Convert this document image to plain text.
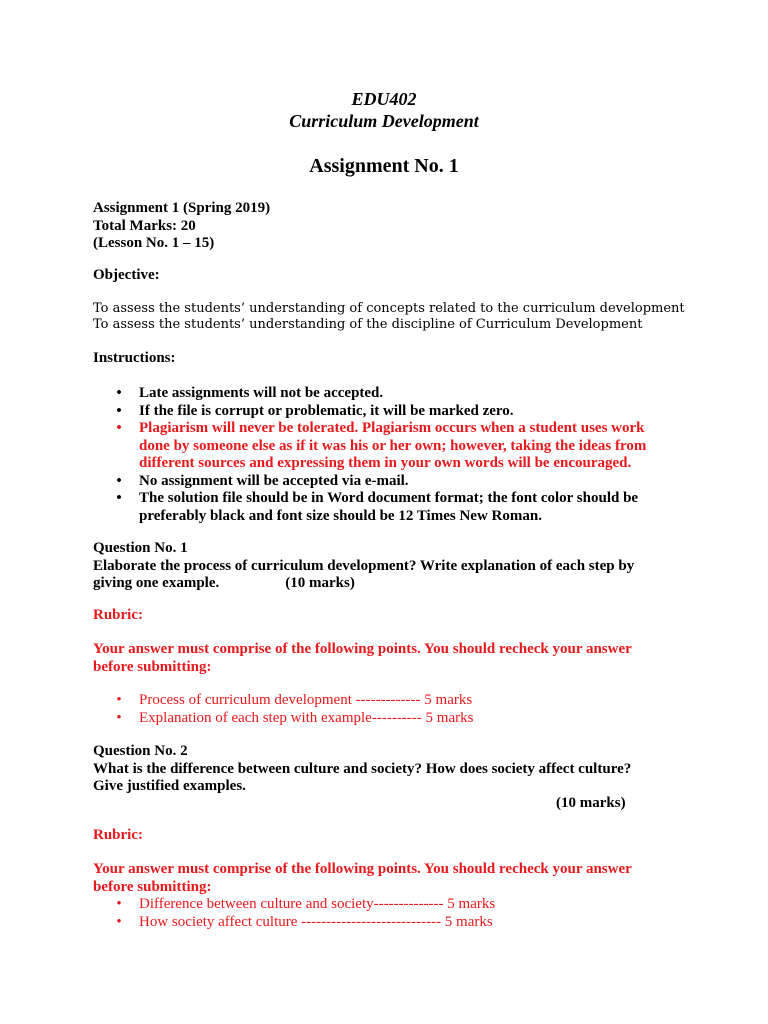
EDU402
Curriculum Development
Assignment No. 1
Assignment 1 (Spring 2019)
Total Marks: 20
(Lesson No. 1 – 15)
Objective:
To assess the students’ understanding of concepts related to the curriculum development
To assess the students’ understanding of the discipline of Curriculum Development
Instructions:
• Late assignments will not be accepted.
• If the file is corrupt or problematic, it will be marked zero.
• Plagiarism will never be tolerated. Plagiarism occurs when a student uses work done by someone else as if it was his or her own; however, taking the ideas from different sources and expressing them in your own words will be encouraged.
• No assignment will be accepted via e-mail.
• The solution file should be in Word document format; the font color should be preferably black and font size should be 12 Times New Roman.
Question No. 1
Elaborate the process of curriculum development? Write explanation of each step by giving one example.	(10 marks)
Rubric:
Your answer must comprise of the following points. You should recheck your answer before submitting:
• Process of curriculum development ------------- 5 marks
• Explanation of each step with example---------- 5 marks
Question No. 2
What is the difference between culture and society? How does society affect culture? Give justified examples.
(10 marks)
Rubric:
Your answer must comprise of the following points. You should recheck your answer before submitting:
• Difference between culture and society-------------- 5 marks
• How society affect culture ---------------------------- 5 marks
